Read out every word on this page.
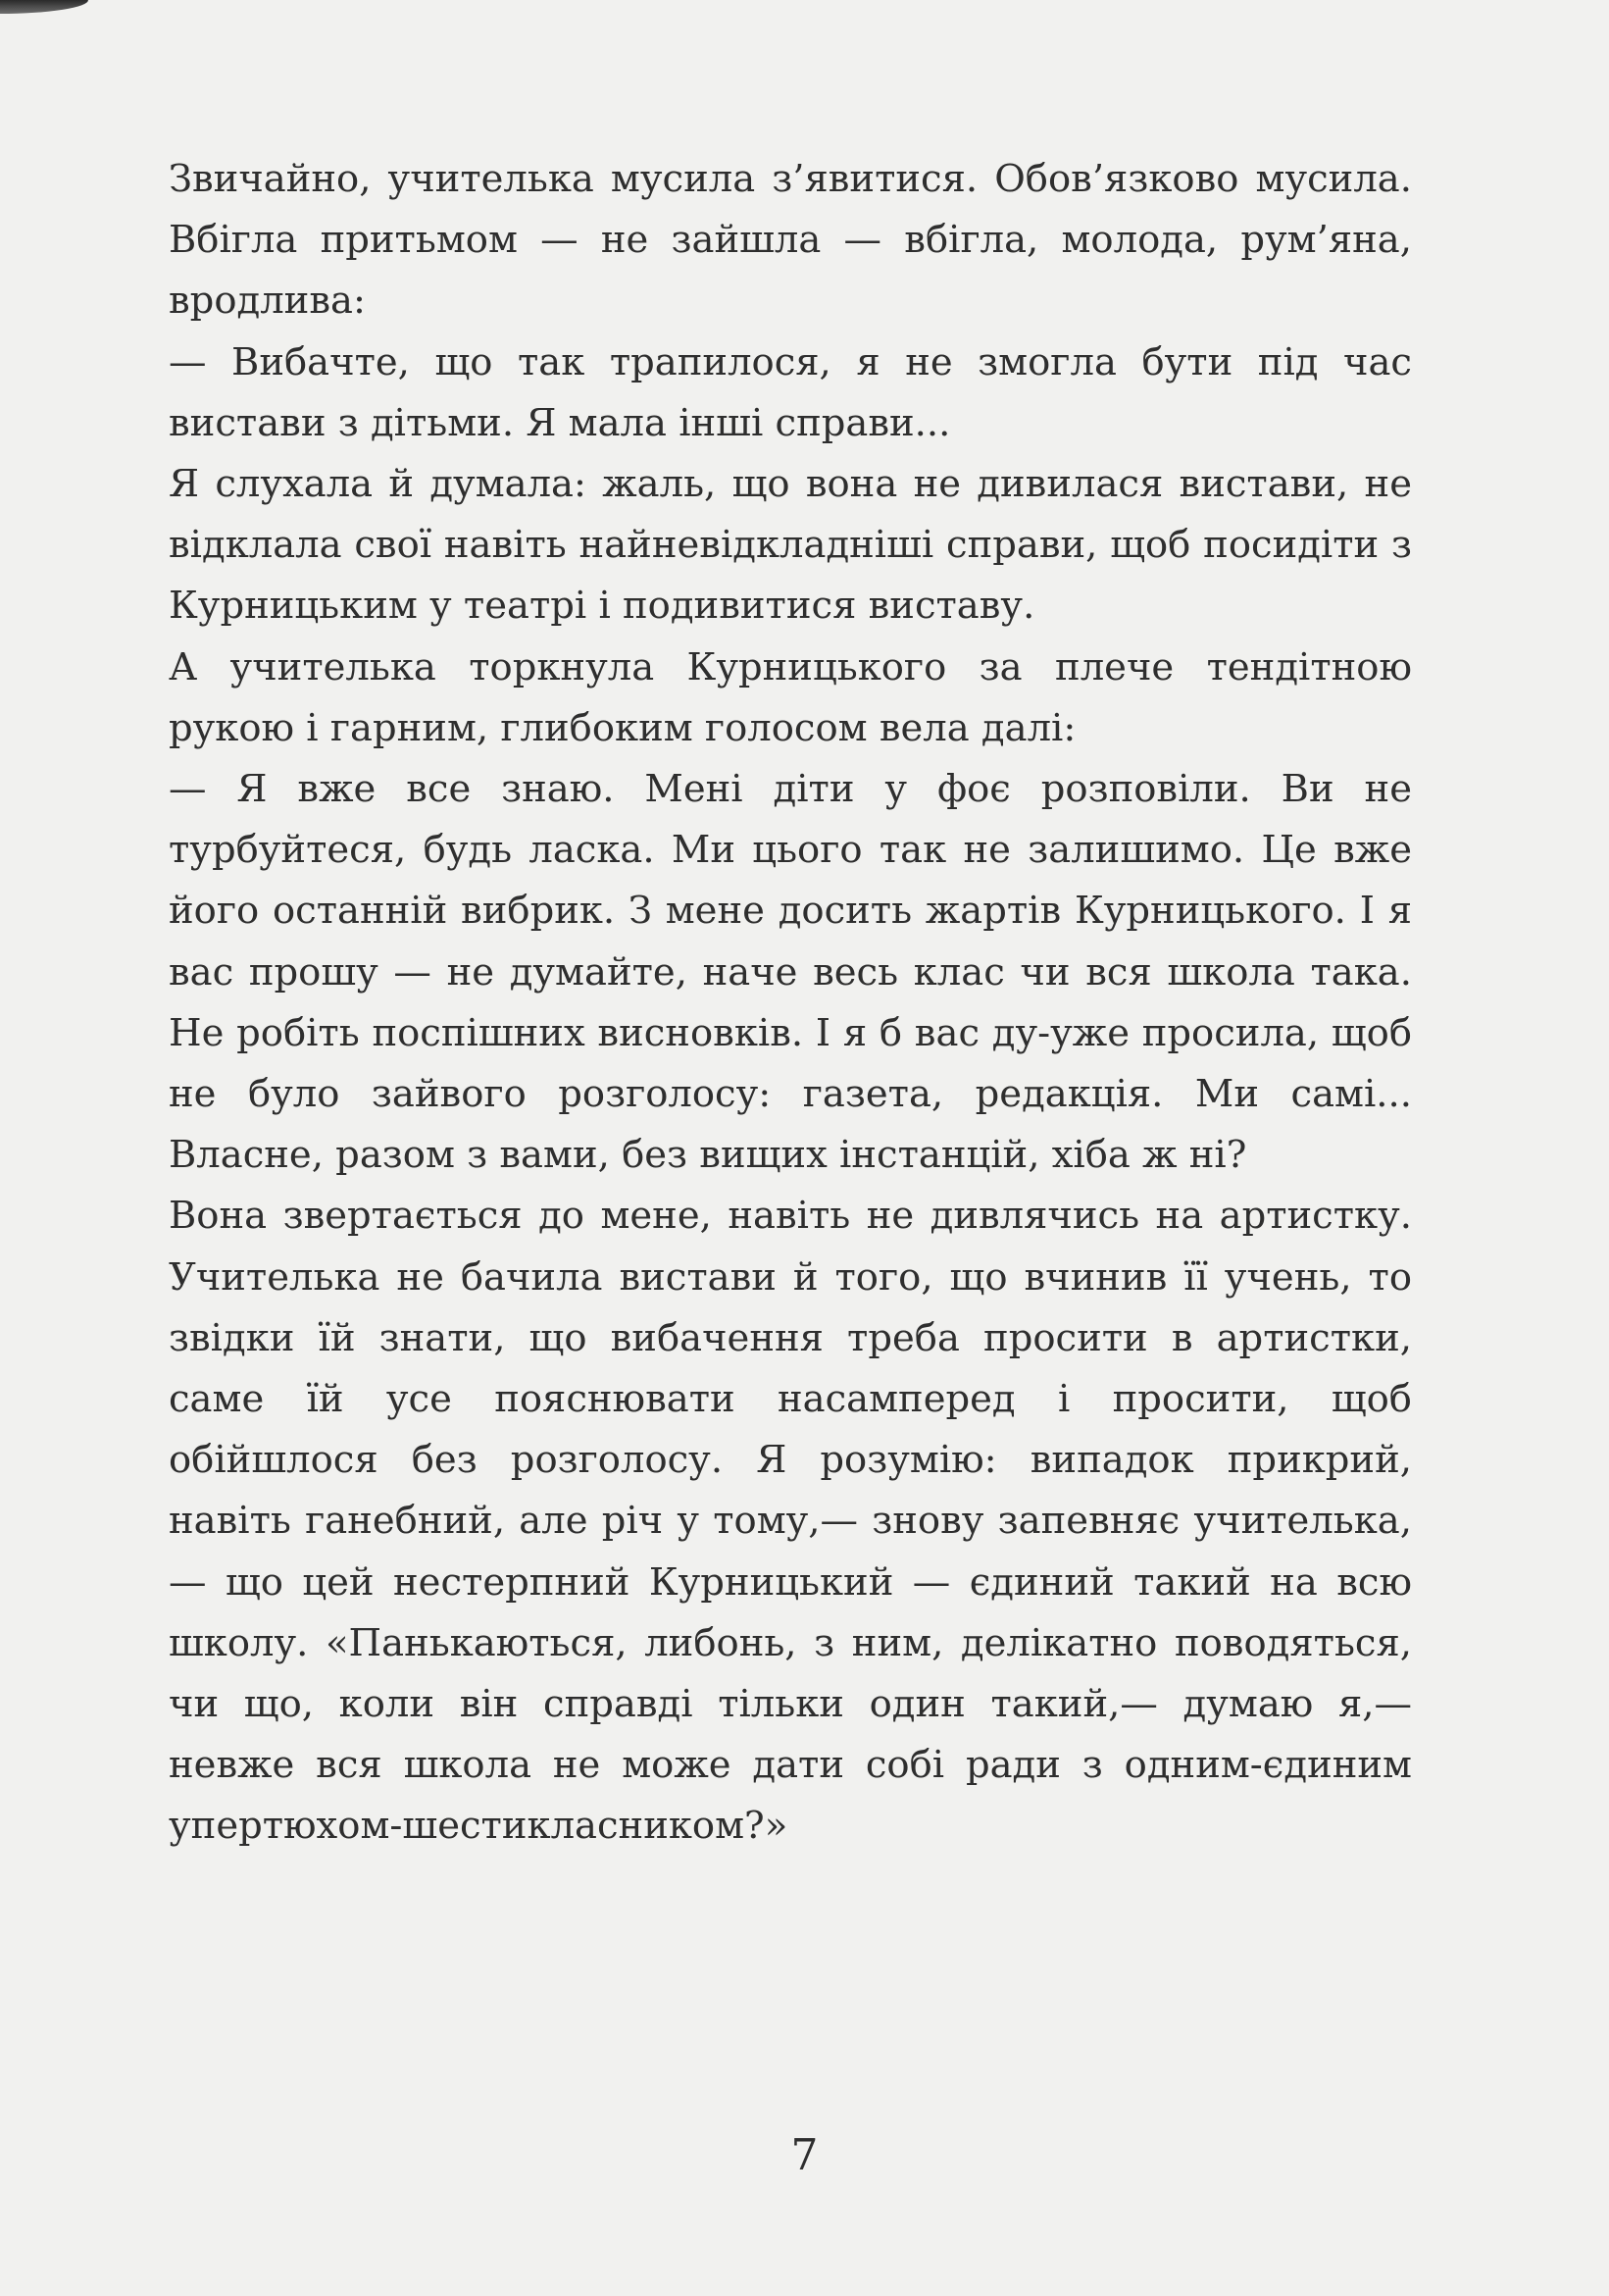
Звичайно, учителька мусила з’явитися. Обов’язково мусила. Вбігла притьмом — не зайшла — вбігла, молода, рум’яна, вродлива:

— Вибачте, що так трапилося, я не змогла бути під час вистави з дітьми. Я мала інші справи...

Я слухала й думала: жаль, що вона не дивилася вистави, не відклала свої навіть найневідкладніші справи, щоб посидіти з Курницьким у театрі і подивитися виставу.

А учителька торкнула Курницького за плече тендітною рукою і гарним, глибоким голосом вела далі:

— Я вже все знаю. Мені діти у фоє розповіли. Ви не турбуйтеся, будь ласка. Ми цього так не залишимо. Це вже його останній вибрик. З мене досить жартів Курницького. І я вас прошу — не думайте, наче весь клас чи вся школа така. Не робіть поспішних висновків. І я б вас ду-уже просила, щоб не було зайвого розголосу: газета, редакція. Ми самі... Власне, разом з вами, без вищих інстанцій, хіба ж ні?

Вона звертається до мене, навіть не дивлячись на артистку. Учителька не бачила вистави й того, що вчинив її учень, то звідки їй знати, що вибачення треба просити в артистки, саме їй усе пояснювати насамперед і просити, щоб обійшлося без розголосу. Я розумію: випадок прикрий, навіть ганебний, але річ у тому,— знову запевняє учителька,— що цей нестерпний Курницький — єдиний такий на всю школу. «Панькаються, либонь, з ним, делікатно поводяться, чи що, коли він справді тільки один такий,— думаю я,— невже вся школа не може дати собі ради з одним-єдиним упертюхом-шестикласником?»

7
